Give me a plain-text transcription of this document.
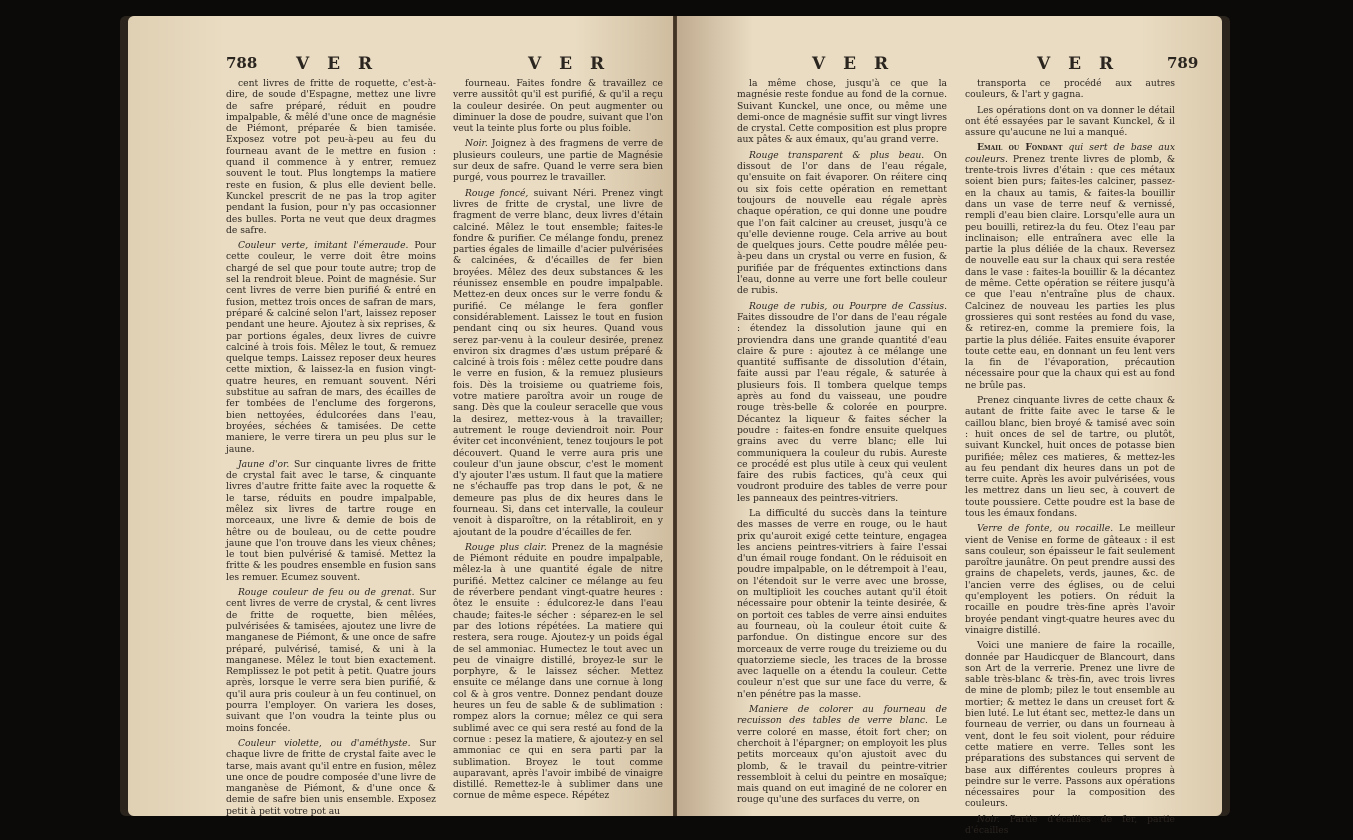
788 V E R	V E R

cent livres de fritte de roquette, c'est-à-dire, de soude d'Espagne, mettez une livre de safre préparé, réduit en poudre impalpable, & mêlé d'une once de magnésie de Piémont, préparée & bien tamisée. Exposez votre pot peu-à-peu au feu du fourneau avant de le mettre en fusion : quand il commence à y entrer, remuez souvent le tout. Plus longtemps la matiere reste en fusion, & plus elle devient belle. Kunckel prescrit de ne pas la trop agiter pendant la fusion, pour n'y pas occasionner des bulles. Porta ne veut que deux dragmes de safre.

Couleur verte, imitant l'émeraude. Pour cette couleur, le verre doit être moins chargé de sel que pour toute autre; trop de sel la rendroit bleue. Point de magnésie. Sur cent livres de verre bien purifié & entré en fusion, mettez trois onces de safran de mars, préparé & calciné selon l'art, laissez reposer pendant une heure. Ajoutez à six reprises, & par portions égales, deux livres de cuivre calciné à trois fois. Mêlez le tout, & remuez quelque temps. Laissez reposer deux heures cette mixtion, & laissez-la en fusion vingt-quatre heures, en remuant souvent. Néri substitue au safran de mars, des écailles de fer tombées de l'enclume des forgerons, bien nettoyées, édulcorées dans l'eau, broyées, séchées & tamisées. De cette maniere, le verre tirera un peu plus sur le jaune.

Jaune d'or. Sur cinquante livres de fritte de crystal fait avec le tarse, & cinquante livres d'autre fritte faite avec la roquette & le tarse, réduits en poudre impalpable, mêlez six livres de tartre rouge en morceaux, une livre & demie de bois de hêtre ou de bouleau, ou de cette poudre jaune que l'on trouve dans les vieux chênes; le tout bien pulvérisé & tamisé. Mettez la fritte & les poudres ensemble en fusion sans les remuer. Ecumez souvent.

Rouge couleur de feu ou de grenat. Sur cent livres de verre de crystal, & cent livres de fritte de roquette, bien mêlées, pulvérisées & tamisées, ajoutez une livre de manganese de Piémont, & une once de safre préparé, pulvérisé, tamisé, & uni à la manganese. Mêlez le tout bien exactement. Remplissez le pot petit à petit. Quatre jours après, lorsque le verre sera bien purifié, & qu'il aura pris couleur à un feu continuel, on pourra l'employer. On variera les doses, suivant que l'on voudra la teinte plus ou moins foncée.

Couleur violette, ou d'améthyste. Sur chaque livre de fritte de crystal faite avec le tarse, mais avant qu'il entre en fusion, mêlez une once de poudre composée d'une livre de manganèse de Piémont, & d'une once & demie de safre bien unis ensemble. Exposez petit à petit votre pot au

fourneau. Faites fondre & travaillez ce verre aussitôt qu'il est purifié, & qu'il a reçu la couleur desirée. On peut augmenter ou diminuer la dose de poudre, suivant que l'on veut la teinte plus forte ou plus foible.

Noir. Joignez à des fragmens de verre de plusieurs couleurs, une partie de Magnésie sur deux de safre. Quand le verre sera bien purgé, vous pourrez le travailler.

Rouge foncé, suivant Néri. Prenez vingt livres de fritte de crystal, une livre de fragment de verre blanc, deux livres d'étain calciné. Mêlez le tout ensemble; faites-le fondre & purifier. Ce mélange fondu, prenez parties égales de limaille d'acier pulvérisées & calcinées, & d'écailles de fer bien broyées. Mêlez des deux substances & les réunissez ensemble en poudre impalpable. Mettez-en deux onces sur le verre fondu & purifié. Ce mélange le fera gonfler considérablement. Laissez le tout en fusion pendant cinq ou six heures. Quand vous serez par-venu à la couleur desirée, prenez environ six dragmes d'æs ustum préparé & calciné à trois fois : mêlez cette poudre dans le verre en fusion, & la remuez plusieurs fois. Dès la troisieme ou quatrieme fois, votre matiere paroîtra avoir un rouge de sang. Dès que la couleur seracelle que vous la desirez, mettez-vous à la travailler; autrement le rouge deviendroit noir. Pour éviter cet inconvénient, tenez toujours le pot découvert. Quand le verre aura pris une couleur d'un jaune obscur, c'est le moment d'y ajouter l'æs ustum. Il faut que la matiere ne s'échauffe pas trop dans le pot, & ne demeure pas plus de dix heures dans le fourneau. Si, dans cet intervalle, la couleur venoit à disparoître, on la rétabliroit, en y ajoutant de la poudre d'écailles de fer.

Rouge plus clair. Prenez de la magnésie de Piémont réduite en poudre impalpable, mêlez-la à une quantité égale de nitre purifié. Mettez calciner ce mélange au feu de réverbere pendant vingt-quatre heures : ôtez le ensuite : édulcorez-le dans l'eau chaude; faites-le sécher : séparez-en le sel par des lotions répétées. La matiere qui restera, sera rouge. Ajoutez-y un poids égal de sel ammoniac. Humectez le tout avec un peu de vinaigre distillé, broyez-le sur le porphyre, & le laissez sécher. Mettez ensuite ce mélange dans une cornue à long col & à gros ventre. Donnez pendant douze heures un feu de sable & de sublimation : rompez alors la cornue; mêlez ce qui sera sublimé avec ce qui sera resté au fond de la cornue : pesez la matiere, & ajoutez-y en sel ammoniac ce qui en sera parti par la sublimation. Broyez le tout comme auparavant, après l'avoir imbibé de vinaigre distillé. Remettez-le à sublimer dans une cornue de même espece. Répétez

V E R	V E R	789

la même chose, jusqu'à ce que la magnésie reste fondue au fond de la cornue. Suivant Kunckel, une once, ou même une demi-once de magnésie suffit sur vingt livres de crystal. Cette composition est plus propre aux pâtes & aux émaux, qu'au grand verre.

Rouge transparent & plus beau. On dissout de l'or dans de l'eau régale, qu'ensuite on fait évaporer. On réitere cinq ou six fois cette opération en remettant toujours de nouvelle eau régale après chaque opération, ce qui donne une poudre que l'on fait calciner au creuset, jusqu'à ce qu'elle devienne rouge. Cela arrive au bout de quelques jours. Cette poudre mêlée peu-à-peu dans un crystal ou verre en fusion, & purifiée par de fréquentes extinctions dans l'eau, donne au verre une fort belle couleur de rubis.

Rouge de rubis, ou Pourpre de Cassius. Faites dissoudre de l'or dans de l'eau régale : étendez la dissolution jaune qui en proviendra dans une grande quantité d'eau claire & pure : ajoutez à ce mélange une quantité suffisante de dissolution d'étain, faite aussi par l'eau régale, & saturée à plusieurs fois. Il tombera quelque temps après au fond du vaisseau, une poudre rouge très-belle & colorée en pourpre. Décantez la liqueur & faites sécher la poudre : faites-en fondre ensuite quelques grains avec du verre blanc; elle lui communiquera la couleur du rubis. Aureste ce procédé est plus utile à ceux qui veulent faire des rubis factices, qu'à ceux qui voudront produire des tables de verre pour les panneaux des peintres-vitriers.

La difficulté du succès dans la teinture des masses de verre en rouge, ou le haut prix qu'auroit exigé cette teinture, engagea les anciens peintres-vitriers à faire l'essai d'un émail rouge fondant. On le réduisoit en poudre impalpable, on le détrempoit à l'eau, on l'étendoit sur le verre avec une brosse, on multiplioit les couches autant qu'il étoit nécessaire pour obtenir la teinte desirée, & on portoit ces tables de verre ainsi enduites au fourneau, où la couleur étoit cuite & parfondue. On distingue encore sur des morceaux de verre rouge du treizieme ou du quatorzieme siecle, les traces de la brosse avec laquelle on a étendu la couleur. Cette couleur n'est que sur une face du verre, & n'en pénétre pas la masse.

Maniere de colorer au fourneau de recuisson des tables de verre blanc. Le verre coloré en masse, étoit fort cher; on cherchoit à l'épargner; on employoit les plus petits morceaux qu'on ajustoit avec du plomb, & le travail du peintre-vitrier ressembloit à celui du peintre en mosaïque; mais quand on eut imaginé de ne colorer en rouge qu'une des surfaces du verre, on

transporta ce procédé aux autres couleurs, & l'art y gagna.

Les opérations dont on va donner le détail ont été essayées par le savant Kunckel, & il assure qu'aucune ne lui a manqué.

Email ou Fondant qui sert de base aux couleurs. Prenez trente livres de plomb, & trente-trois livres d'étain : que ces métaux soient bien purs; faites-les calciner, passez-en la chaux au tamis, & faites-la bouillir dans un vase de terre neuf & vernissé, rempli d'eau bien claire. Lorsqu'elle aura un peu bouilli, retirez-la du feu. Otez l'eau par inclinaison; elle entraînera avec elle la partie la plus déliée de la chaux. Reversez de nouvelle eau sur la chaux qui sera restée dans le vase : faites-la bouillir & la décantez de même. Cette opération se réitere jusqu'à ce que l'eau n'entraîne plus de chaux. Calcinez de nouveau les parties les plus grossieres qui sont restées au fond du vase, & retirez-en, comme la premiere fois, la partie la plus déliée. Faites ensuite évaporer toute cette eau, en donnant un feu lent vers la fin de l'évaporation, précaution nécessaire pour que la chaux qui est au fond ne brûle pas.

Prenez cinquante livres de cette chaux & autant de fritte faite avec le tarse & le caillou blanc, bien broyé & tamisé avec soin : huit onces de sel de tartre, ou plutôt, suivant Kunckel, huit onces de potasse bien purifiée; mêlez ces matieres, & mettez-les au feu pendant dix heures dans un pot de terre cuite. Après les avoir pulvérisées, vous les mettrez dans un lieu sec, à couvert de toute poussiere. Cette poudre est la base de tous les émaux fondans.

Verre de fonte, ou rocaille. Le meilleur vient de Venise en forme de gâteaux : il est sans couleur, son épaisseur le fait seulement paroître jaunâtre. On peut prendre aussi des grains de chapelets, verds, jaunes, &c. de l'ancien verre des églises, ou de celui qu'employent les potiers. On réduit la rocaille en poudre très-fine après l'avoir broyée pendant vingt-quatre heures avec du vinaigre distillé.

Voici une maniere de faire la rocaille, donnée par Haudicquer de Blancourt, dans son Art de la verrerie. Prenez une livre de sable très-blanc & très-fin, avec trois livres de mine de plomb; pilez le tout ensemble au mortier; & mettez le dans un creuset fort & bien luté. Le lut étant sec, mettez-le dans un fourneau de verrier, ou dans un fourneau à vent, dont le feu soit violent, pour réduire cette matiere en verre. Telles sont les préparations des substances qui servent de base aux différentes couleurs propres à peindre sur le verre. Passons aux opérations nécessaires pour la composition des couleurs.

Noir. Partie d'écailles de fer, partie d'écailles
